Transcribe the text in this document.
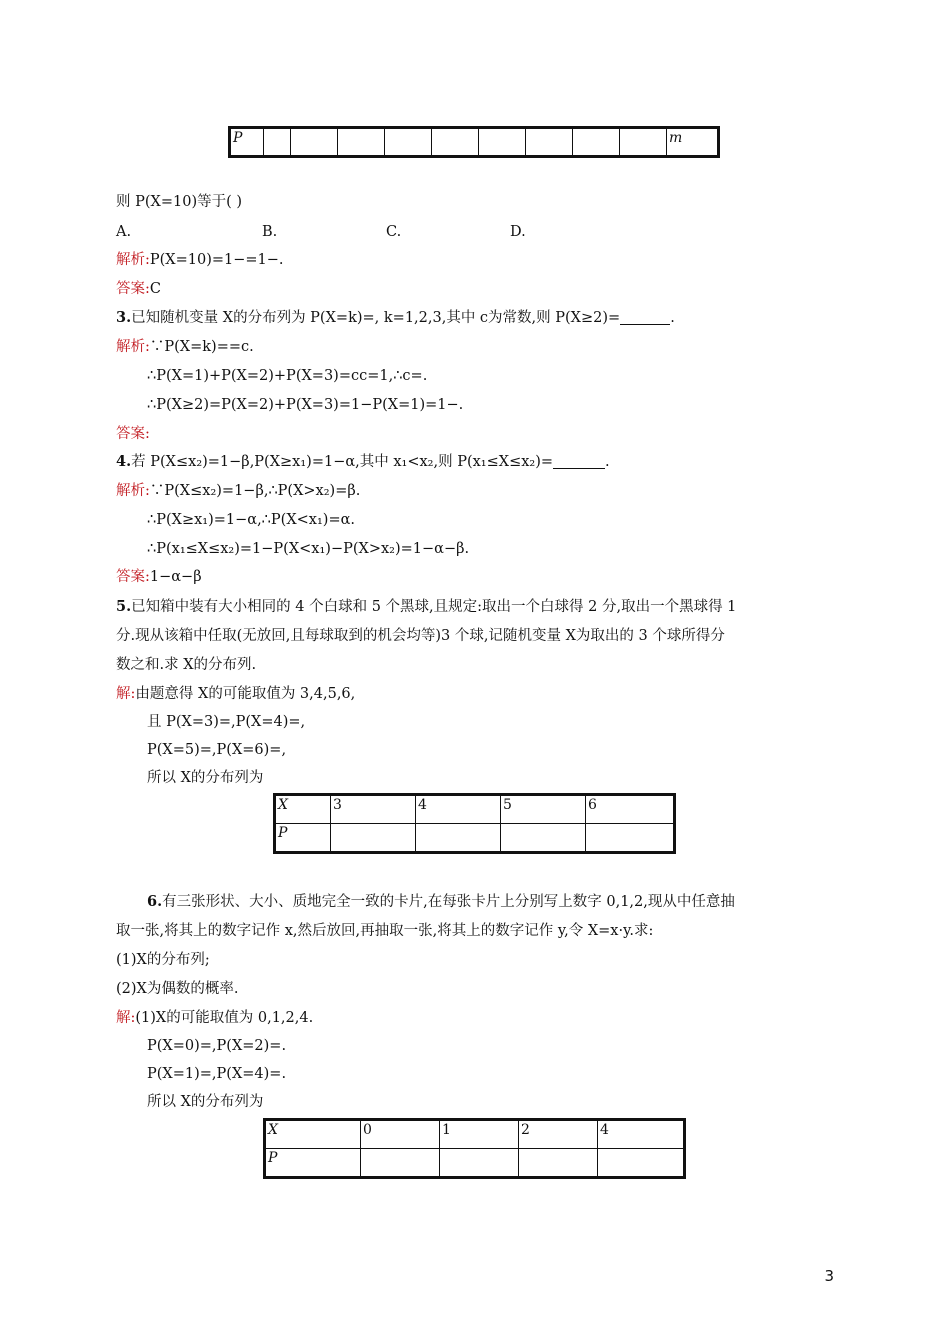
P										m
则 P(X=10)等于( )
A.	B.	C.	D.
解析:P(X=10)=1−=1−.
答案:C
3.已知随机变量 X的分布列为 P(X=k)=, k=1,2,3,其中 c为常数,则 P(X≥2)=	.
解析:∵P(X=k)==c.
∴P(X=1)+P(X=2)+P(X=3)=cc=1,∴c=.
∴P(X≥2)=P(X=2)+P(X=3)=1−P(X=1)=1−.
答案:
4.若 P(X≤x₂)=1−β,P(X≥x₁)=1−α,其中 x₁<x₂,则 P(x₁≤X≤x₂)=	.
解析:∵P(X≤x₂)=1−β,∴P(X>x₂)=β.
∴P(X≥x₁)=1−α,∴P(X<x₁)=α.
∴P(x₁≤X≤x₂)=1−P(X<x₁)−P(X>x₂)=1−α−β.
答案:1−α−β
5.已知箱中装有大小相同的 4 个白球和 5 个黑球,且规定:取出一个白球得 2 分,取出一个黑球得 1
分.现从该箱中任取(无放回,且每球取到的机会均等)3 个球,记随机变量 X为取出的 3 个球所得分
数之和.求 X的分布列.
解:由题意得 X的可能取值为 3,4,5,6,
且 P(X=3)=,P(X=4)=,
P(X=5)=,P(X=6)=,
所以 X的分布列为
X	3	4	5	6
P				
6.有三张形状、大小、质地完全一致的卡片,在每张卡片上分别写上数字 0,1,2,现从中任意抽
取一张,将其上的数字记作 x,然后放回,再抽取一张,将其上的数字记作 y,令 X=x·y.求:
(1)X的分布列;
(2)X为偶数的概率.
解:(1)X的可能取值为 0,1,2,4.
P(X=0)=,P(X=2)=.
P(X=1)=,P(X=4)=.
所以 X的分布列为
X	0	1	2	4
P				
3
